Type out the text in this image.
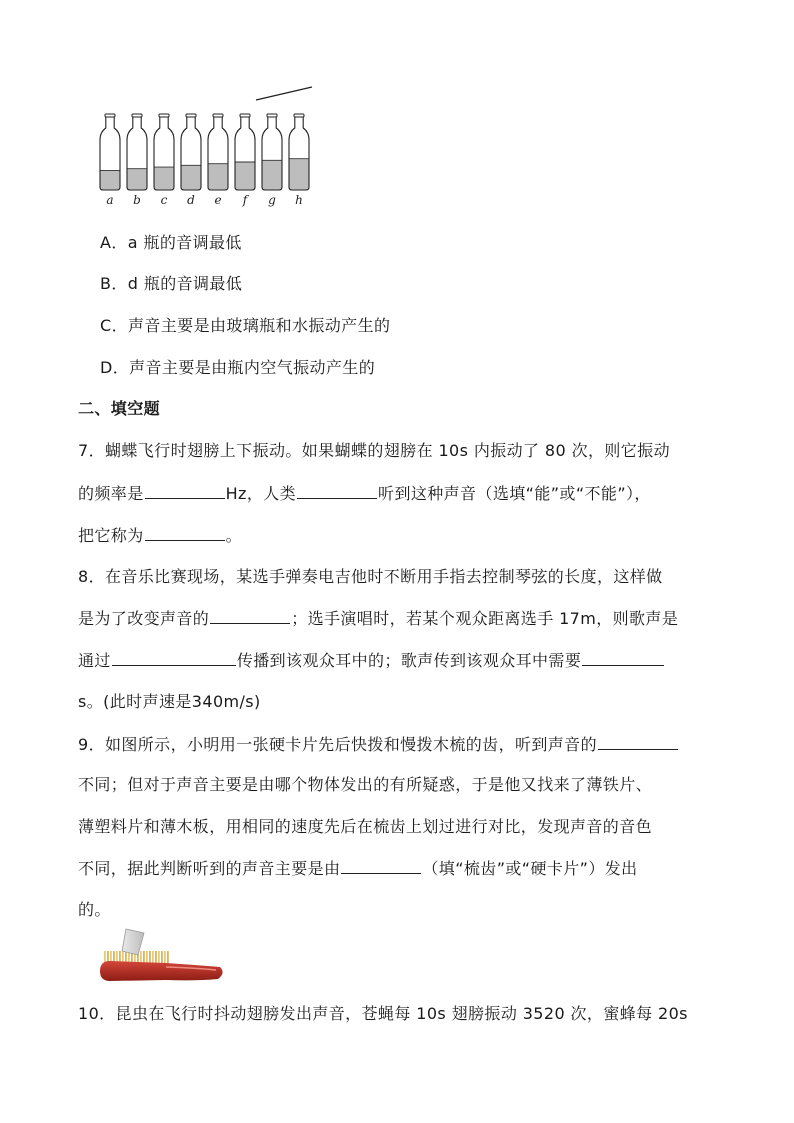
a b c d e f g h
A．a 瓶的音调最低
B．d 瓶的音调最低
C．声音主要是由玻璃瓶和水振动产生的
D．声音主要是由瓶内空气振动产生的
二、填空题
7．蝴蝶飞行时翅膀上下振动。如果蝴蝶的翅膀在 10s 内振动了 80 次，则它振动
的频率是	Hz，人类	听到这种声音（选填“能”或“不能”），
把它称为	。
8．在音乐比赛现场，某选手弹奏电吉他时不断用手指去控制琴弦的长度，这样做
是为了改变声音的	；选手演唱时，若某个观众距离选手 17m，则歌声是
通过	传播到该观众耳中的；歌声传到该观众耳中需要
s。(此时声速是340m/s)
9．如图所示，小明用一张硬卡片先后快拨和慢拨木梳的齿，听到声音的
不同；但对于声音主要是由哪个物体发出的有所疑惑，于是他又找来了薄铁片、
薄塑料片和薄木板，用相同的速度先后在梳齿上划过进行对比，发现声音的音色
不同，据此判断听到的声音主要是由	（填“梳齿”或“硬卡片”）发出
的。
10．昆虫在飞行时抖动翅膀发出声音，苍蝇每 10s 翅膀振动 3520 次，蜜蜂每 20s
